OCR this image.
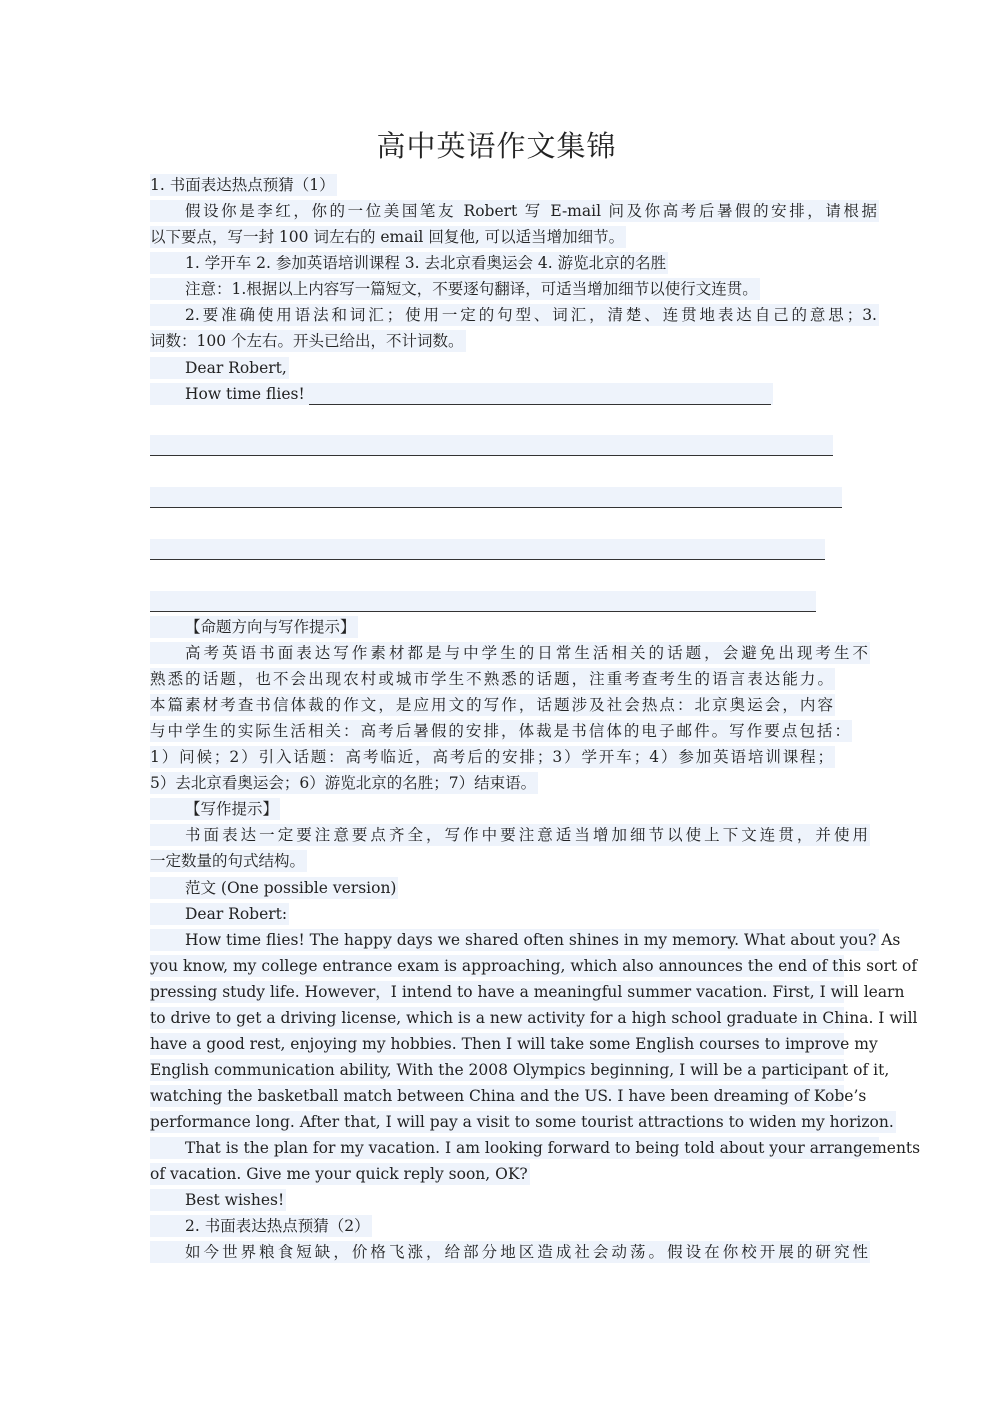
高中英语作文集锦
1. 书面表达热点预猜（1）
假设你是李红，你的一位美国笔友 Robert 写 E-mail 问及你高考后暑假的安排，请根据
以下要点，写一封 100 词左右的 email 回复他, 可以适当增加细节。
1. 学开车 2. 参加英语培训课程 3. 去北京看奥运会 4. 游览北京的名胜
注意：1.根据以上内容写一篇短文，不要逐句翻译，可适当增加细节以使行文连贯。
2.要准确使用语法和词汇；使用一定的句型、词汇，清楚、连贯地表达自己的意思；3.
词数：100 个左右。开头已给出，不计词数。
Dear Robert,
How time flies!
【命题方向与写作提示】
高考英语书面表达写作素材都是与中学生的日常生活相关的话题，会避免出现考生不
熟悉的话题，也不会出现农村或城市学生不熟悉的话题，注重考查考生的语言表达能力。
本篇素材考查书信体裁的作文，是应用文的写作，话题涉及社会热点：北京奥运会，内容
与中学生的实际生活相关：高考后暑假的安排，体裁是书信体的电子邮件。写作要点包括：
1）问候；2）引入话题：高考临近，高考后的安排；3）学开车；4）参加英语培训课程；
5）去北京看奥运会；6）游览北京的名胜；7）结束语。
【写作提示】
书面表达一定要注意要点齐全，写作中要注意适当增加细节以使上下文连贯，并使用
一定数量的句式结构。
范文 (One possible version)
Dear Robert:
How time flies! The happy days we shared often shines in my memory. What about you? As
you know, my college entrance exam is approaching, which also announces the end of this sort of
pressing study life. However，I intend to have a meaningful summer vacation. First, I will learn
to drive to get a driving license, which is a new activity for a high school graduate in China. I will
have a good rest, enjoying my hobbies. Then I will take some English courses to improve my
English communication ability, With the 2008 Olympics beginning, I will be a participant of it,
watching the basketball match between China and the US. I have been dreaming of Kobe’s
performance long. After that, I will pay a visit to some tourist attractions to widen my horizon.
That is the plan for my vacation. I am looking forward to being told about your arrangements
of vacation. Give me your quick reply soon, OK?
Best wishes!
2. 书面表达热点预猜（2）
如今世界粮食短缺，价格飞涨，给部分地区造成社会动荡。假设在你校开展的研究性
